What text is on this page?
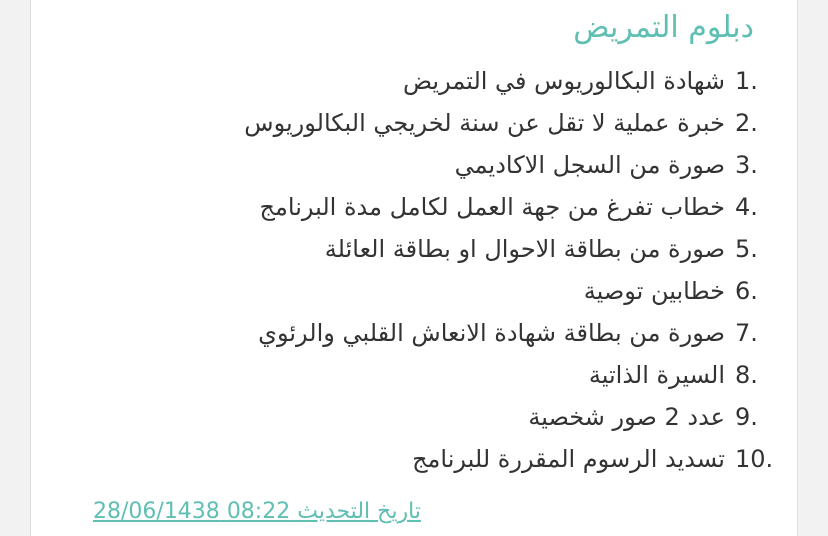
دبلوم التمريض
1.
شهادة البكالوريوس في التمريض
2.
خبرة عملية لا تقل عن سنة لخريجي البكالوريوس
3.
صورة من السجل الاكاديمي
4.
خطاب تفرغ من جهة العمل لكامل مدة البرنامج
5.
صورة من بطاقة الاحوال او بطاقة العائلة
6.
خطابين توصية
7.
صورة من بطاقة شهادة الانعاش القلبي والرئوي
8.
السيرة الذاتية
9.
عدد 2 صور شخصية
10.
تسديد الرسوم المقررة للبرنامج
تاريخ التحديث 08:22 28/06/1438
